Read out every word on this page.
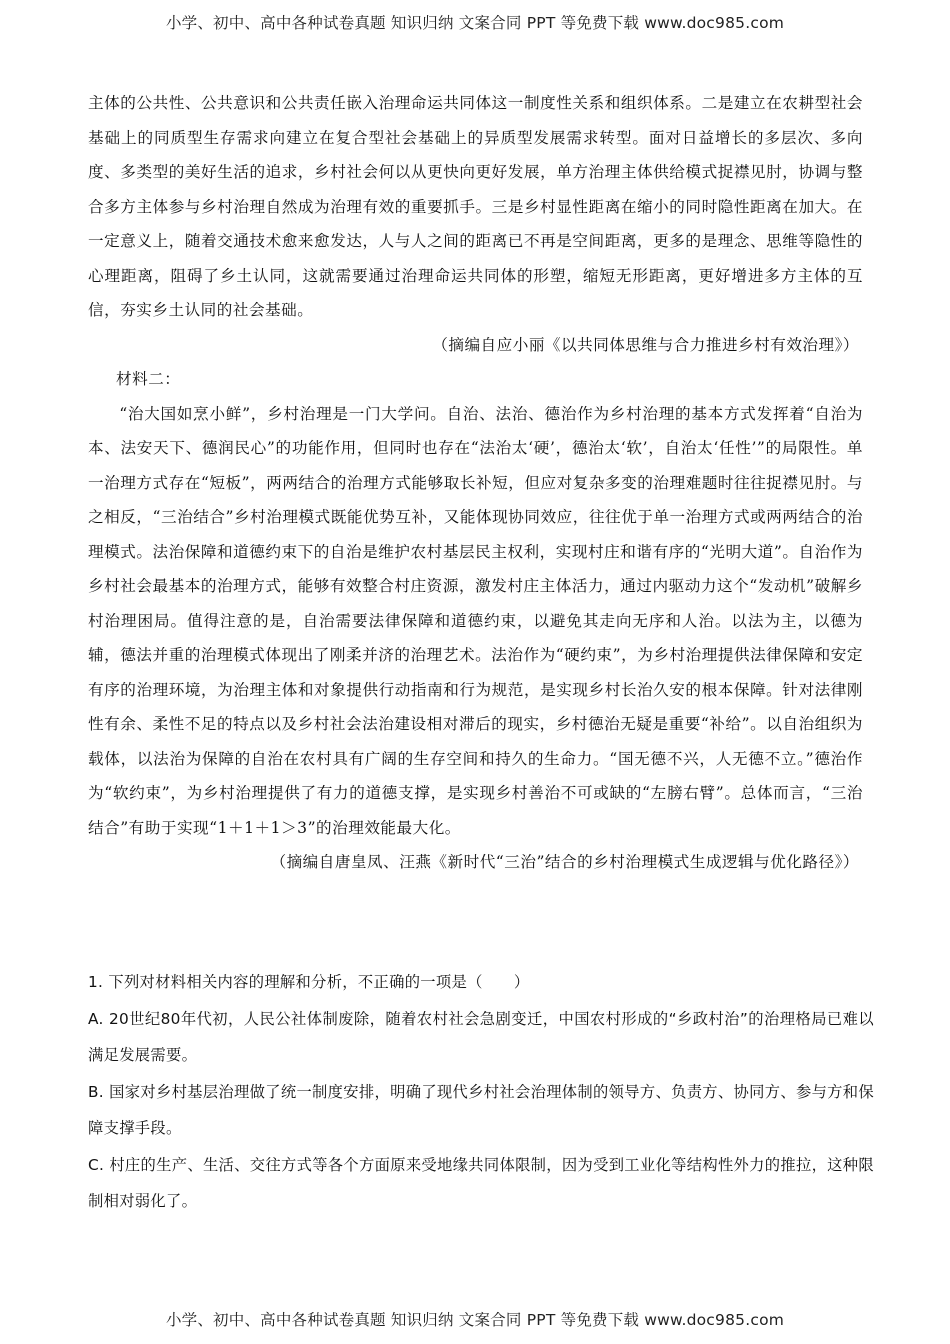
小学、初中、高中各种试卷真题 知识归纳 文案合同 PPT 等免费下载 www.doc985.com

主体的公共性、公共意识和公共责任嵌入治理命运共同体这一制度性关系和组织体系。二是建立在农耕型社会基础上的同质型生存需求向建立在复合型社会基础上的异质型发展需求转型。面对日益增长的多层次、多向度、多类型的美好生活的追求，乡村社会何以从更快向更好发展，单方治理主体供给模式捉襟见肘，协调与整合多方主体参与乡村治理自然成为治理有效的重要抓手。三是乡村显性距离在缩小的同时隐性距离在加大。在一定意义上，随着交通技术愈来愈发达，人与人之间的距离已不再是空间距离，更多的是理念、思维等隐性的心理距离，阻碍了乡土认同，这就需要通过治理命运共同体的形塑，缩短无形距离，更好增进多方主体的互信，夯实乡土认同的社会基础。

（摘编自应小丽《以共同体思维与合力推进乡村有效治理》）

材料二：

“治大国如烹小鲜”，乡村治理是一门大学问。自治、法治、德治作为乡村治理的基本方式发挥着“自治为本、法安天下、德润民心”的功能作用，但同时也存在“法治太‘硬’，德治太‘软’，自治太‘任性’”的局限性。单一治理方式存在“短板”，两两结合的治理方式能够取长补短，但应对复杂多变的治理难题时往往捉襟见肘。与之相反，“三治结合”乡村治理模式既能优势互补，又能体现协同效应，往往优于单一治理方式或两两结合的治理模式。法治保障和道德约束下的自治是维护农村基层民主权利，实现村庄和谐有序的“光明大道”。自治作为乡村社会最基本的治理方式，能够有效整合村庄资源，激发村庄主体活力，通过内驱动力这个“发动机”破解乡村治理困局。值得注意的是，自治需要法律保障和道德约束，以避免其走向无序和人治。以法为主，以德为辅，德法并重的治理模式体现出了刚柔并济的治理艺术。法治作为“硬约束”，为乡村治理提供法律保障和安定有序的治理环境，为治理主体和对象提供行动指南和行为规范，是实现乡村长治久安的根本保障。针对法律刚性有余、柔性不足的特点以及乡村社会法治建设相对滞后的现实，乡村德治无疑是重要“补给”。以自治组织为载体，以法治为保障的自治在农村具有广阔的生存空间和持久的生命力。“国无德不兴，人无德不立。”德治作为“软约束”，为乡村治理提供了有力的道德支撑，是实现乡村善治不可或缺的“左膀右臂”。总体而言，“三治结合”有助于实现“1＋1＋1＞3”的治理效能最大化。

（摘编自唐皇凤、汪燕《新时代“三治”结合的乡村治理模式生成逻辑与优化路径》）

1. 下列对材料相关内容的理解和分析，不正确的一项是（　　）

A. 20世纪80年代初，人民公社体制废除，随着农村社会急剧变迁，中国农村形成的“乡政村治”的治理格局已难以满足发展需要。

B. 国家对乡村基层治理做了统一制度安排，明确了现代乡村社会治理体制的领导方、负责方、协同方、参与方和保障支撑手段。

C. 村庄的生产、生活、交往方式等各个方面原来受地缘共同体限制，因为受到工业化等结构性外力的推拉，这种限制相对弱化了。

小学、初中、高中各种试卷真题 知识归纳 文案合同 PPT 等免费下载 www.doc985.com
